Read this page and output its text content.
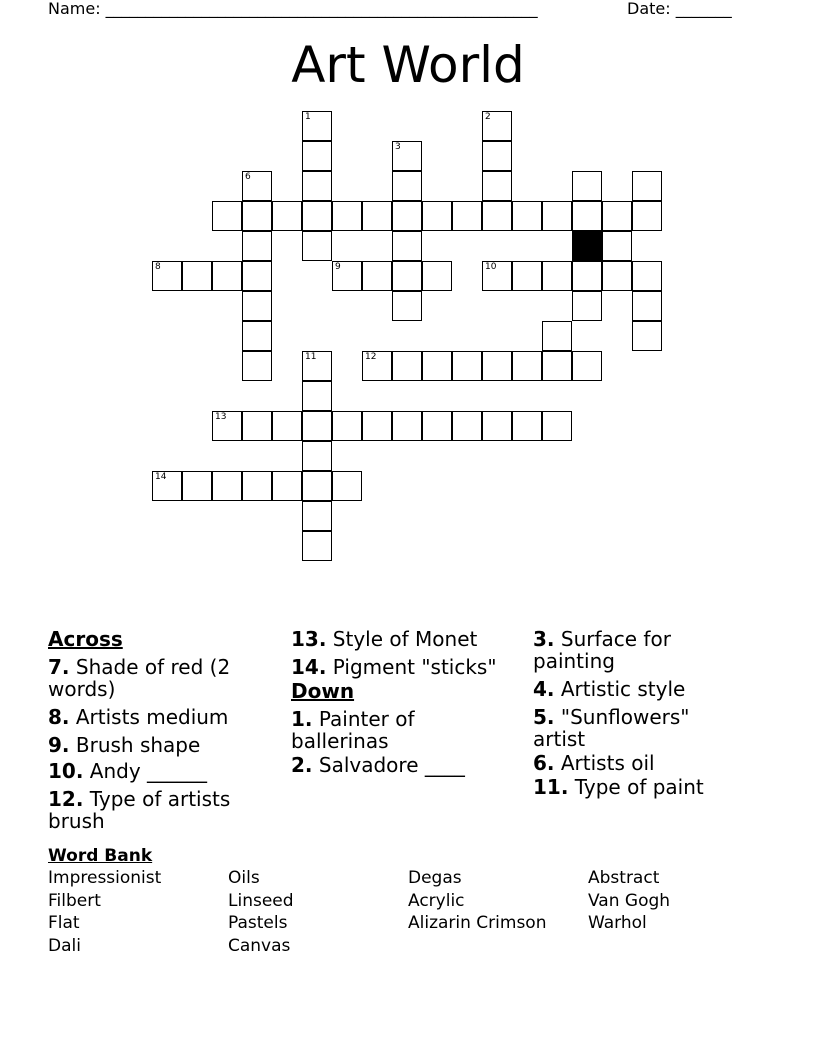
Name: ______________________________________________________	Date: _______
Art World
1	2
3
6
8	9	10
11	12
13
14
Across
7. Shade of red (2 words)
8. Artists medium
9. Brush shape
10. Andy ______
12. Type of artists brush
13. Style of Monet
14. Pigment "sticks"
Down
1. Painter of ballerinas
2. Salvadore ____
3. Surface for painting
4. Artistic style
5. "Sunflowers" artist
6. Artists oil
11. Type of paint
Word Bank
Impressionist
Filbert
Flat
Dali
Oils
Linseed
Pastels
Canvas
Degas
Acrylic
Alizarin Crimson
Abstract
Van Gogh
Warhol
